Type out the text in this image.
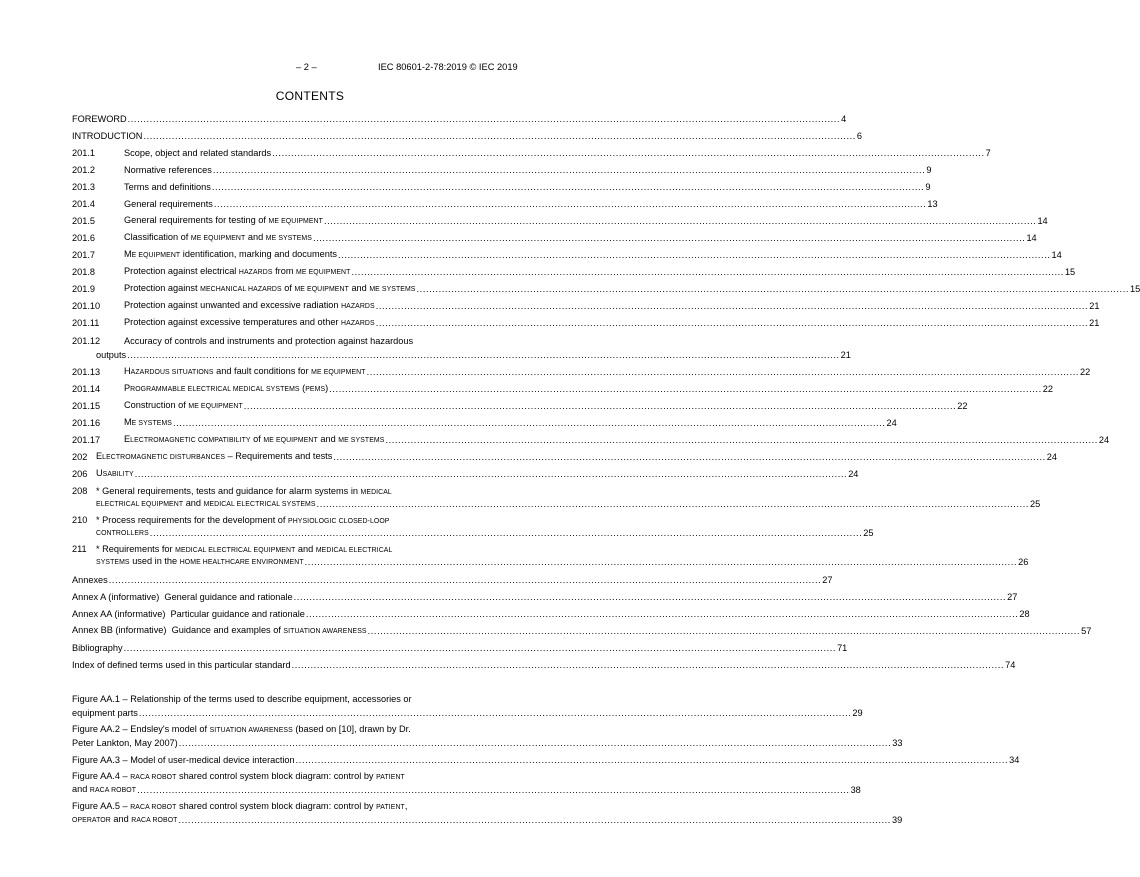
– 2 –	IEC 80601-2-78:2019 © IEC 2019
CONTENTS
FOREWORD .................................................................................................................................................................................................................................. 4
INTRODUCTION .................................................................................................................................................................................................................................. 6
201.1	Scope, object and related standards .................................................................................................................................................................................................................................. 7
201.2	Normative references .................................................................................................................................................................................................................................. 9
201.3	Terms and definitions .................................................................................................................................................................................................................................. 9
201.4	General requirements .................................................................................................................................................................................................................................. 13
201.5	General requirements for testing of ME EQUIPMENT .................................................................................................................................................................................................................................. 14
201.6	Classification of ME EQUIPMENT and ME SYSTEMS .................................................................................................................................................................................................................................. 14
201.7	ME EQUIPMENT identification, marking and documents .................................................................................................................................................................................................................................. 14
201.8	Protection against electrical HAZARDS from ME EQUIPMENT .................................................................................................................................................................................................................................. 15
201.9	Protection against MECHANICAL HAZARDS of ME EQUIPMENT and ME SYSTEMS .................................................................................................................................................................................................................................. 15
201.10	Protection against unwanted and excessive radiation HAZARDS .................................................................................................................................................................................................................................. 21
201.11	Protection against excessive temperatures and other HAZARDS .................................................................................................................................................................................................................................. 21
201.12	Accuracy of controls and instruments and protection against hazardous
outputs .................................................................................................................................................................................................................................. 21
201.13	HAZARDOUS SITUATIONS and fault conditions for ME EQUIPMENT .................................................................................................................................................................................................................................. 22
201.14	PROGRAMMABLE ELECTRICAL MEDICAL SYSTEMS (PEMS) .................................................................................................................................................................................................................................. 22
201.15	Construction of ME EQUIPMENT .................................................................................................................................................................................................................................. 22
201.16	ME SYSTEMS .................................................................................................................................................................................................................................. 24
201.17	ELECTROMAGNETIC COMPATIBILITY of ME EQUIPMENT and ME SYSTEMS .................................................................................................................................................................................................................................. 24
202 ELECTROMAGNETIC DISTURBANCES – Requirements and tests .................................................................................................................................................................................................................................. 24
206 USABILITY .................................................................................................................................................................................................................................. 24
208 * General requirements, tests and guidance for alarm systems in MEDICAL
ELECTRICAL EQUIPMENT and MEDICAL ELECTRICAL SYSTEMS .................................................................................................................................................................................................................................. 25
210 * Process requirements for the development of PHYSIOLOGIC CLOSED-LOOP
CONTROLLERS .................................................................................................................................................................................................................................. 25
211 * Requirements for MEDICAL ELECTRICAL EQUIPMENT and MEDICAL ELECTRICAL
SYSTEMS used in the HOME HEALTHCARE ENVIRONMENT .................................................................................................................................................................................................................................. 26
Annexes .................................................................................................................................................................................................................................. 27
Annex A (informative)  General guidance and rationale .................................................................................................................................................................................................................................. 27
Annex AA (informative)  Particular guidance and rationale .................................................................................................................................................................................................................................. 28
Annex BB (informative)  Guidance and examples of SITUATION AWARENESS .................................................................................................................................................................................................................................. 57
Bibliography .................................................................................................................................................................................................................................. 71
Index of defined terms used in this particular standard .................................................................................................................................................................................................................................. 74
Figure AA.1 – Relationship of the terms used to describe equipment, accessories or
equipment parts .................................................................................................................................................................................................................................. 29
Figure AA.2 – Endsley's model of SITUATION AWARENESS (based on [10], drawn by Dr.
Peter Lankton, May 2007) .................................................................................................................................................................................................................................. 33
Figure AA.3 – Model of user-medical device interaction .................................................................................................................................................................................................................................. 34
Figure AA.4 – RACA ROBOT shared control system block diagram: control by PATIENT
and RACA ROBOT .................................................................................................................................................................................................................................. 38
Figure AA.5 – RACA ROBOT shared control system block diagram: control by PATIENT,
OPERATOR and RACA ROBOT .................................................................................................................................................................................................................................. 39
